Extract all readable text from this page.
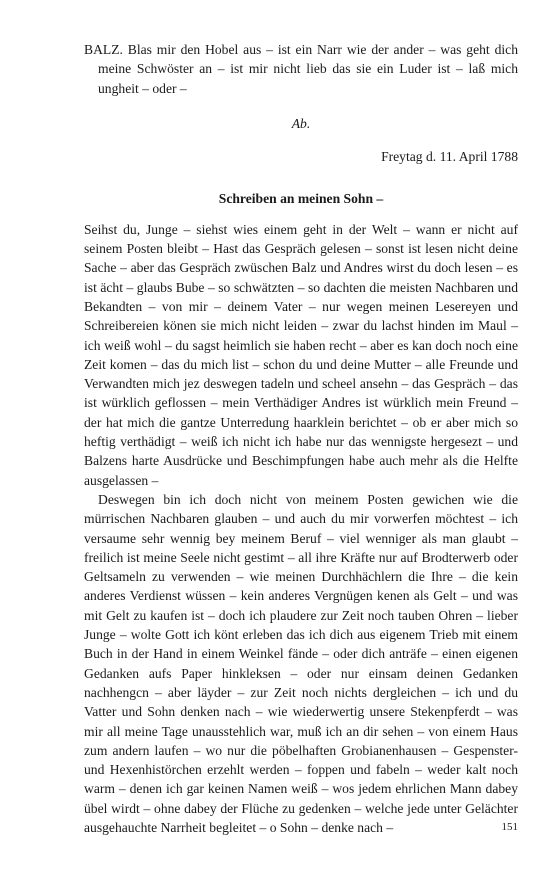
BALZ. Blas mir den Hobel aus – ist ein Narr wie der ander – was geht dich meine Schwöster an – ist mir nicht lieb das sie ein Luder ist – laß mich ungheit – oder –

Ab.

Freytag d. 11. April 1788

Schreiben an meinen Sohn –

Seihst du, Junge – siehst wies einem geht in der Welt – wann er nicht auf seinem Posten bleibt – Hast das Gespräch gelesen – sonst ist lesen nicht deine Sache – aber das Gespräch zwüschen Balz und Andres wirst du doch lesen – es ist ächt – glaubs Bube – so schwätzten – so dachten die meisten Nachbaren und Bekandten – von mir – deinem Vater – nur wegen meinen Lesereyen und Schreibereien könen sie mich nicht leiden – zwar du lachst hinden im Maul – ich weiß wohl – du sagst heimlich sie haben recht – aber es kan doch noch eine Zeit komen – das du mich list – schon du und deine Mutter – alle Freunde und Verwandten mich jez deswegen tadeln und scheel ansehn – das Gespräch – das ist würklich geflossen – mein Verthädiger Andres ist würklich mein Freund – der hat mich die gantze Unterredung haarklein berichtet – ob er aber mich so heftig verthädigt – weiß ich nicht ich habe nur das wennigste hergesezt – und Balzens harte Ausdrücke und Beschimpfungen habe auch mehr als die Helfte ausgelassen –

Deswegen bin ich doch nicht von meinem Posten gewichen wie die mürrischen Nachbaren glauben – und auch du mir vorwerfen möchtest – ich versaume sehr wennig bey meinem Beruf – viel wenniger als man glaubt – freilich ist meine Seele nicht gestimt – all ihre Kräfte nur auf Brodterwerb oder Geltsameln zu verwenden – wie meinen Durchhächlern die Ihre – die kein anderes Verdienst wüssen – kein anderes Vergnügen kenen als Gelt – und was mit Gelt zu kaufen ist – doch ich plaudere zur Zeit noch tauben Ohren – lieber Junge – wolte Gott ich könt erleben das ich dich aus eigenem Trieb mit einem Buch in der Hand in einem Weinkel fände – oder dich anträfe – einen eigenen Gedanken aufs Paper hinkleksen – oder nur einsam deinen Gedanken nachhengcn – aber läyder – zur Zeit noch nichts dergleichen – ich und du Vatter und Sohn denken nach – wie wiederwertig unsere Stekenpferdt – was mir all meine Tage unausstehlich war, muß ich an dir sehen – von einem Haus zum andern laufen – wo nur die pöbelhaften Grobianenhausen – Gespenster- und Hexenhistörchen erzehlt werden – foppen und fabeln – weder kalt noch warm – denen ich gar keinen Namen weiß – wos jedem ehrlichen Mann dabey übel wirdt – ohne dabey der Flüche zu gedenken – welche jede unter Gelächter ausgehauchte Narrheit begleitet – o Sohn – denke nach –	151
